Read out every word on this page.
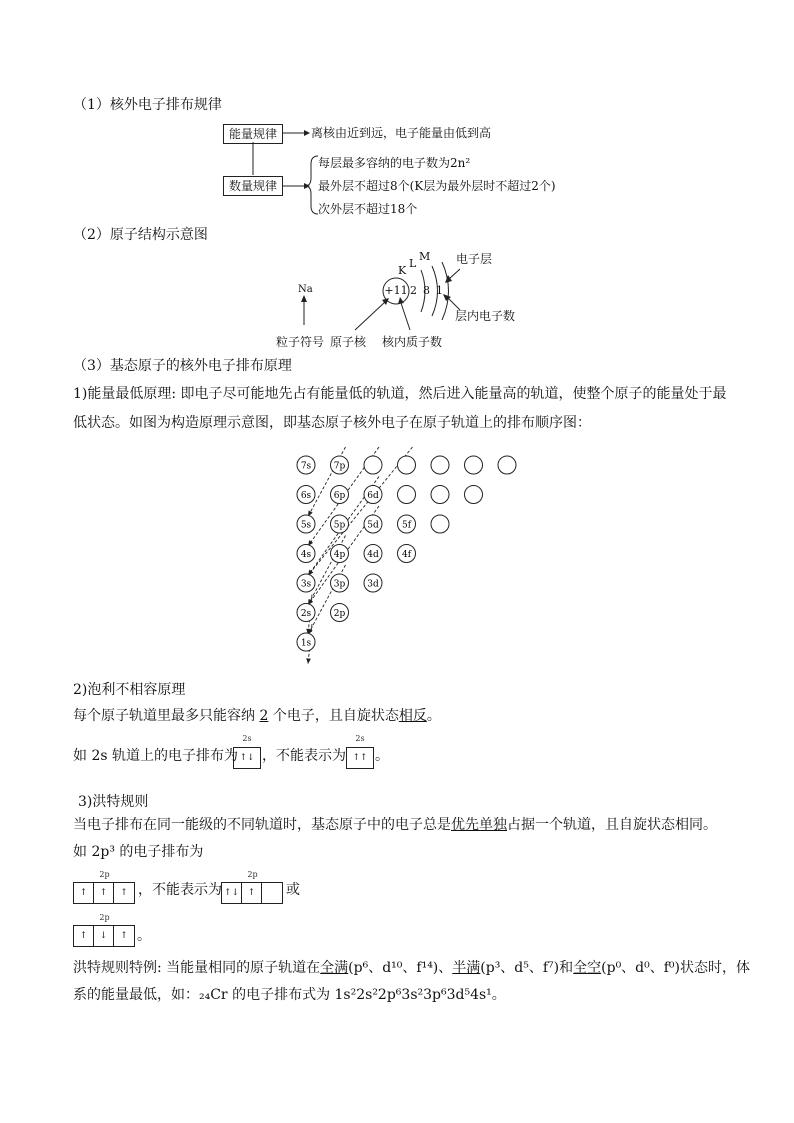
（1）核外电子排布规律
能量规律	离核由近到远，电子能量由低到高
数量规律
每层最多容纳的电子数为2n²
最外层不超过8个(K层为最外层时不超过2个)
次外层不超过18个
（2）原子结构示意图
Na	+11 2 8 1
K
L
M 电子层
层内电子数
粒子符号 原子核 核内质子数
（3）基态原子的核外电子排布原理
1)能量最低原理: 即电子尽可能地先占有能量低的轨道，然后进入能量高的轨道，使整个原子的能量处于最
低状态。如图为构造原理示意图，即基态原子核外电子在原子轨道上的排布顺序图：
7s	7p
6s	6p 6d
5s	5p 5d	5f
4s	4p 4d	4f
3s	3p 3d
2s	2p
1s
2)泡利不相容原理
每个原子轨道里最多只能容纳 2 个电子，且自旋状态相反。
如 2s 轨道上的电子排布为
2s
↑↓ ，不能表示为
2s
↑↑ 。
3)洪特规则
当电子排布在同一能级的不同轨道时，基态原子中的电子总是优先单独占据一个轨道，且自旋状态相同。
如 2p³ 的电子排布为
2p
↑	↑	↑ ，不能表示为
2p
↑↓ ↑	或
2p
↑	↓	↑ 。
洪特规则特例: 当能量相同的原子轨道在全满(p⁶、d¹⁰、f¹⁴)、半满(p³、d⁵、f⁷)和全空(p⁰、d⁰、f⁰)状态时，体
系的能量最低，如：₂₄Cr 的电子排布式为 1s²2s²2p⁶3s²3p⁶3d⁵4s¹。
